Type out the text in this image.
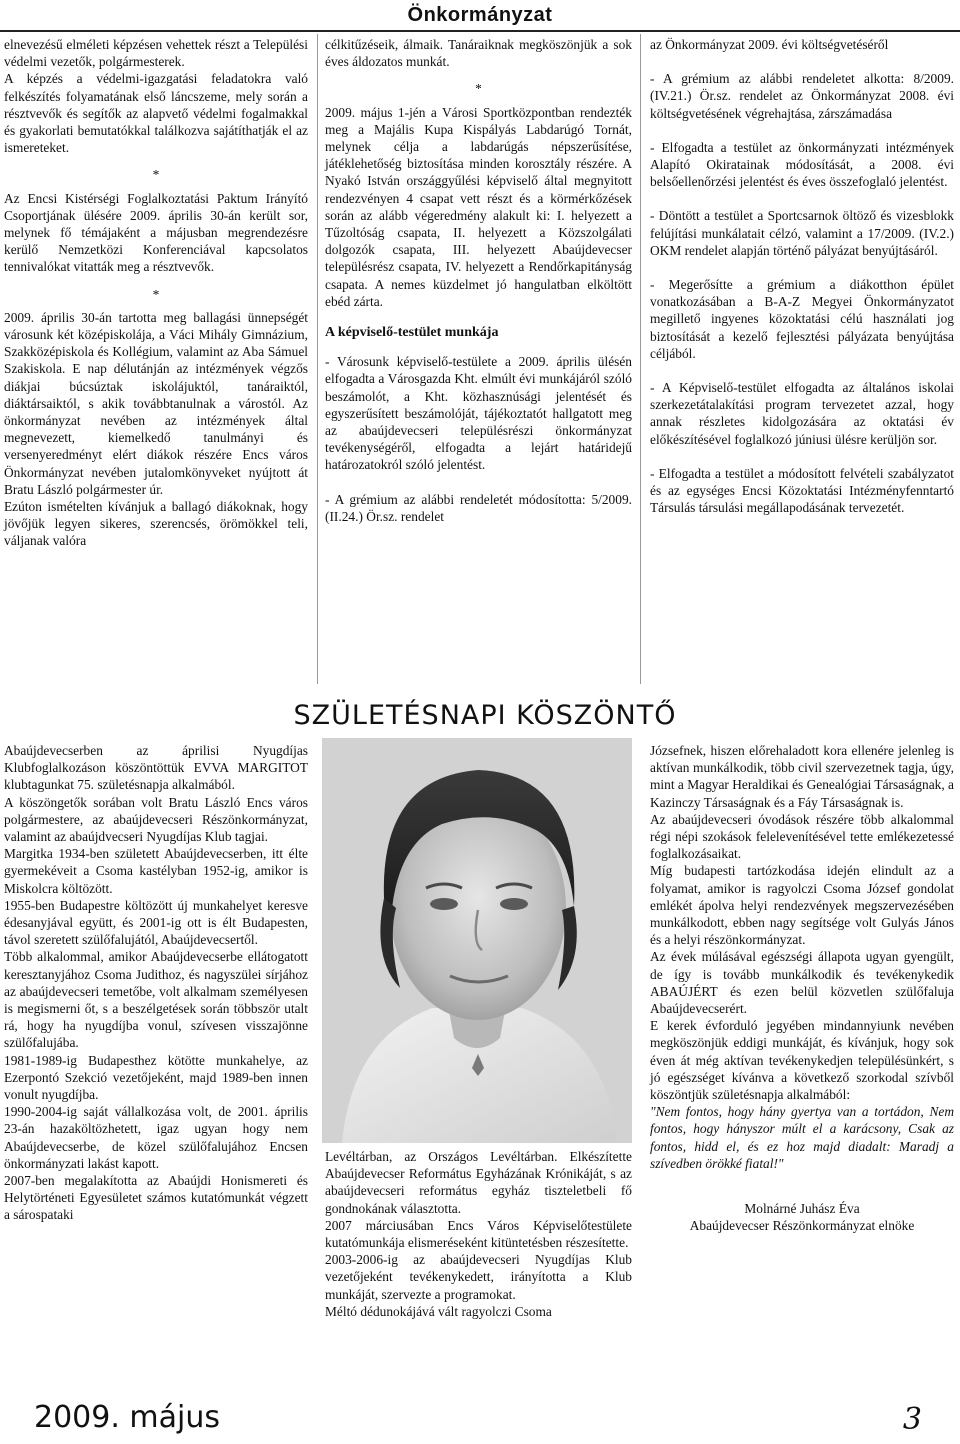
Önkormányzat

elnevezésű elméleti képzésen vehettek részt a Települési védelmi vezetők, polgármesterek.

A képzés a védelmi-igazgatási feladatokra való felkészítés folyamatának első láncszeme, mely során a résztvevők és segítők az alapvető védelmi fogalmakkal és gyakorlati bemutatókkal találkozva sajátíthatják el az ismereteket.

*

Az Encsi Kistérségi Foglalkoztatási Paktum Irányító Csoportjának ülésére 2009. április 30-án került sor, melynek fő témájaként a májusban megrendezésre kerülő Nemzetközi Konferenciával kapcsolatos tennivalókat vitatták meg a résztvevők.

*

2009. április 30-án tartotta meg ballagási ünnepségét városunk két középiskolája, a Váci Mihály Gimnázium, Szakközépiskola és Kollégium, valamint az Aba Sámuel Szakiskola. E nap délutánján az intézmények végzős diákjai búcsúztak iskolájuktól, tanáraiktól, diáktársaiktól, s akik továbbtanulnak a várostól. Az önkormányzat nevében az intézmények által megnevezett, kiemelkedő tanulmányi és versenyeredményt elért diákok részére Encs város Önkormányzat nevében jutalomkönyveket nyújtott át Bratu László polgármester úr.

Ezúton ismételten kívánjuk a ballagó diákoknak, hogy jövőjük legyen sikeres, szerencsés, örömökkel teli, váljanak valóra

célkitűzéseik, álmaik. Tanáraiknak megköszönjük a sok éves áldozatos munkát.

*

2009. május 1-jén a Városi Sportközpontban rendezték meg a Majális Kupa Kispályás Labdarúgó Tornát, melynek célja a labdarúgás népszerűsítése, játéklehetőség biztosítása minden korosztály részére. A Nyakó István országgyűlési képviselő által megnyitott rendezvényen 4 csapat vett részt és a körmérkőzések során az alább végeredmény alakult ki: I. helyezett a Tűzoltóság csapata, II. helyezett a Közszolgálati dolgozók csapata, III. helyezett Abaújdevecser településrész csapata, IV. helyezett a Rendőrkapitányság csapata. A nemes küzdelmet jó hangulatban elköltött ebéd zárta.

A képviselő-testület munkája

- Városunk képviselő-testülete a 2009. április ülésén elfogadta a Városgazda Kht. elmúlt évi munkájáról szóló beszámolót, a Kht. közhasznúsági jelentését és egyszerűsített beszámolóját, tájékoztatót hallgatott meg az abaújdevecseri településrészi önkormányzat tevékenységéről, elfogadta a lejárt határidejű határozatokról szóló jelentést.

- A grémium az alábbi rendeletét módosította: 5/2009. (II.24.) Ör.sz. rendelet

az Önkormányzat 2009. évi költségvetéséről

- A grémium az alábbi rendeletet alkotta: 8/2009. (IV.21.) Ör.sz. rendelet az Önkormányzat 2008. évi költségvetésének végrehajtása, zárszámadása

- Elfogadta a testület az önkormányzati intézmények Alapító Okiratainak módosítását, a 2008. évi belsőellenőrzési jelentést és éves összefoglaló jelentést.

- Döntött a testület a Sportcsarnok öltöző és vizesblokk felújítási munkálatait célzó, valamint a 17/2009. (IV.2.) OKM rendelet alapján történő pályázat benyújtásáról.

- Megerősítte a grémium a diákotthon épület vonatkozásában a B-A-Z Megyei Önkormányzatot megillető ingyenes közoktatási célú használati jog biztosítását a kezelő fejlesztési pályázata benyújtása céljából.

- A Képviselő-testület elfogadta az általános iskolai szerkezetátalakítási program tervezetet azzal, hogy annak részletes kidolgozására az oktatási év előkészítésével foglalkozó júniusi ülésre kerüljön sor.

- Elfogadta a testület a módosított felvételi szabályzatot és az egységes Encsi Közoktatási Intézményfenntartó Társulás társulási megállapodásának tervezetét.

SZÜLETÉSNAPI KÖSZÖNTŐ

Abaújdevecserben az áprilisi Nyugdíjas Klubfoglalkozáson köszöntöttük EVVA MARGITOT klubtagunkat 75. születésnapja alkalmából.

A köszöngetők sorában volt Bratu László Encs város polgármestere, az abaújdevecseri Részönkormányzat, valamint az abaújdvecseri Nyugdíjas Klub tagjai.

Margitka 1934-ben született Abaújdevecserben, itt élte gyermekéveit a Csoma kastélyban 1952-ig, amikor is Miskolcra költözött.

1955-ben Budapestre költözött új munkahelyet keresve édesanyjával együtt, és 2001-ig ott is élt Budapesten, távol szeretett szülőfalujától, Abaújdevecsertől.

Több alkalommal, amikor Abaújdevecserbe ellátogatott keresztanyjához Csoma Judithoz, és nagyszülei sírjához az abaújdevecseri temetőbe, volt alkalmam személyesen is megismerni őt, s a beszélgetések során többször utalt rá, hogy ha nyugdíjba vonul, szívesen visszajönne szülőfalujába.

1981-1989-ig Budapesthez kötötte munkahelye, az Ezerpontó Szekció vezetőjeként, majd 1989-ben innen vonult nyugdíjba.

1990-2004-ig saját vállalkozása volt, de 2001. április 23-án hazaköltözhetett, igaz ugyan hogy nem Abaújdevecserbe, de közel szülőfalujához Encsen önkormányzati lakást kapott.

2007-ben megalakította az Abaújdi Honismereti és Helytörténeti Egyesületet számos kutatómunkát végzett a sárospataki

Levéltárban, az Országos Levéltárban. Elkészítette Abaújdevecser Református Egyházának Krónikáját, s az abaújdevecseri református egyház tiszteletbeli fő gondnokának választotta.

2007 márciusában Encs Város Képviselőtestülete kutatómunkája elismeréseként kitüntetésben részesítette.

2003-2006-ig az abaújdevecseri Nyugdíjas Klub vezetőjeként tevékenykedett, irányította a Klub munkáját, szervezte a programokat.

Méltó dédunokájává vált ragyolczi Csoma

Józsefnek, hiszen előrehaladott kora ellenére jelenleg is aktívan munkálkodik, több civil szervezetnek tagja, úgy, mint a Magyar Heraldikai és Genealógiai Társaságnak, a Kazinczy Társaságnak és a Fáy Társaságnak is.

Az abaújdevecseri óvodások részére több alkalommal régi népi szokások felelevenítésével tette emlékezetessé foglalkozásaikat.

Míg budapesti tartózkodása idején elindult az a folyamat, amikor is ragyolczi Csoma József gondolat emlékét ápolva helyi rendezvények megszervezésében munkálkodott, ebben nagy segítsége volt Gulyás János és a helyi részönkormányzat.

Az évek múlásával egészségi állapota ugyan gyengült, de így is tovább munkálkodik és tevékenykedik ABAÚJÉRT és ezen belül közvetlen szülőfaluja Abaújdevecserért.

E kerek évforduló jegyében mindannyiunk nevében megköszönjük eddigi munkáját, és kívánjuk, hogy sok éven át még aktívan tevékenykedjen településünkért, s jó egészséget kívánva a következő szorkodal szívből köszöntjük születésnapja alkalmából:

"Nem fontos, hogy hány gyertya van a tortádon, Nem fontos, hogy hányszor múlt el a karácsony, Csak az fontos, hidd el, és ez hoz majd diadalt: Maradj a szívedben örökké fiatal!"

Molnárné Juhász Éva
Abaújdevecser Részönkormányzat elnöke
2009. május	3
